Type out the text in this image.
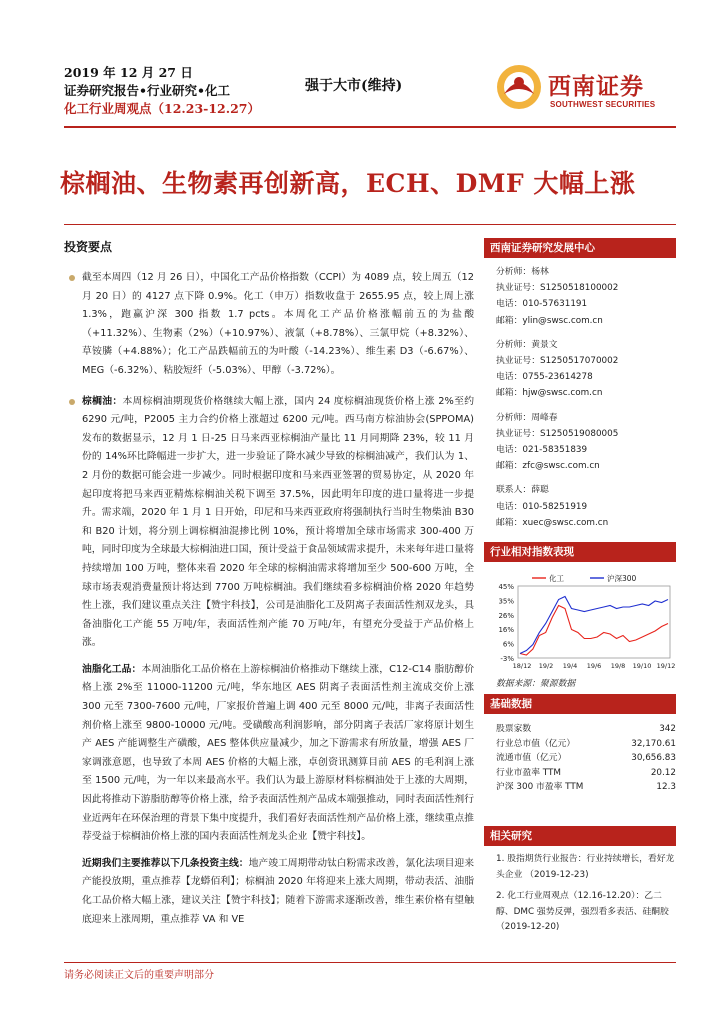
2019 年 12 月 27 日
证券研究报告•行业研究•化工
化工行业周观点（12.23-12.27）
强于大市(维持)	西南证券
SOUTHWEST SECURITIES
棕榈油、生物素再创新高，ECH、DMF 大幅上涨
投资要点
截至本周四（12 月 26 日），中国化工产品价格指数（CCPI）为 4089 点，较上周五（12 月 20 日）的 4127 点下降 0.9%。化工（申万）指数收盘于 2655.95 点，较上周上涨 1.3%，跑赢沪深 300 指数 1.7 pcts。本周化工产品价格涨幅前五的为盐酸（+11.32%）、生物素（2%）（+10.97%）、液氯（+8.78%）、三氯甲烷（+8.32%）、草铵膦（+4.88%）；化工产品跌幅前五的为叶酸（-14.23%）、维生素 D3（-6.67%）、MEG（-6.32%）、粘胶短纤（-5.03%）、甲醇（-3.72%）。
棕榈油：本周棕榈油期现货价格继续大幅上涨，国内 24 度棕榈油现货价格上涨 2%至约 6290 元/吨，P2005 主力合约价格上涨超过 6200 元/吨。西马南方棕油协会(SPPOMA)发布的数据显示，12 月 1 日-25 日马来西亚棕榈油产量比 11 月同期降 23%，较 11 月份的 14%环比降幅进一步扩大，进一步验证了降水减少导致的棕榈油减产，我们认为 1、2 月份的数据可能会进一步减少。同时根据印度和马来西亚签署的贸易协定，从 2020 年起印度将把马来西亚精炼棕榈油关税下调至 37.5%，因此明年印度的进口量将进一步提升。需求端，2020 年 1 月 1 日开始，印尼和马来西亚政府将强制执行当时生物柴油 B30 和 B20 计划，将分别上调棕榈油混掺比例 10%，预计将增加全球市场需求 300-400 万吨，同时印度为全球最大棕榈油进口国，预计受益于食品领域需求提升，未来每年进口量将持续增加 100 万吨，整体来看 2020 年全球的棕榈油需求将增加至少 500-600 万吨，全球市场表观消费量预计将达到 7700 万吨棕榈油。我们继续看多棕榈油价格 2020 年趋势性上涨，我们建议重点关注【赞宇科技】，公司是油脂化工及阴离子表面活性剂双龙头，具备油脂化工产能 55 万吨/年，表面活性剂产能 70 万吨/年，有望充分受益于产品价格上涨。
油脂化工品：本周油脂化工品价格在上游棕榈油价格推动下继续上涨，C12-C14 脂肪醇价格上涨 2%至 11000-11200 元/吨，华东地区 AES 阴离子表面活性剂主流成交价上涨 300 元至 7300-7600 元/吨，厂家报价普遍上调 400 元至 8000 元/吨，非离子表面活性剂价格上涨至 9800-10000 元/吨。受磺酸高利润影响，部分阴离子表活厂家将原计划生产 AES 产能调整生产磺酸，AES 整体供应量减少，加之下游需求有所放量，增强 AES 厂家调涨意愿，也导致了本周 AES 价格的大幅上涨，卓创资讯测算目前 AES 的毛利润上涨至 1500 元/吨，为一年以来最高水平。我们认为最上游原材料棕榈油处于上涨的大周期，因此将推动下游脂肪醇等价格上涨，给予表面活性剂产品成本端强推动，同时表面活性剂行业近两年在环保治理的背景下集中度提升，我们看好表面活性剂产品价格上涨，继续重点推荐受益于棕榈油价格上涨的国内表面活性剂龙头企业【赞宇科技】。
近期我们主要推荐以下几条投资主线：地产竣工周期带动钛白粉需求改善，氯化法项目迎来产能投放期，重点推荐【龙蟒佰利】；棕榈油 2020 年将迎来上涨大周期，带动表活、油脂化工品价格大幅上涨，建议关注【赞宇科技】；随着下游需求逐渐改善，维生素价格有望触底迎来上涨周期，重点推荐 VA 和 VE
西南证券研究发展中心
分析师：杨林
执业证号：S1250518100002
电话：010-57631191
邮箱：ylin@swsc.com.cn
分析师：黄景文
执业证号：S1250517070002
电话：0755-23614278
邮箱：hjw@swsc.com.cn
分析师：周峰春
执业证号：S1250519080005
电话：021-58351839
邮箱：zfc@swsc.com.cn
联系人：薛聪
电话：010-58251919
邮箱：xuec@swsc.com.cn
行业相对指数表现
45%
35%
26%
16%
6%
-3%
18/12 19/2 19/4 19/6 19/8 19/10 19/12
化工	沪深300
数据来源：聚源数据
基础数据
股票家数	342
行业总市值（亿元）	32,170.61
流通市值（亿元）	30,656.83
行业市盈率 TTM	20.12
沪深 300 市盈率 TTM	12.3
相关研究
1. 股指期货行业报告：行业持续增长，看好龙头企业 （2019-12-23)
2. 化工行业周观点（12.16-12.20）：乙二醇、DMC 强势反弹，强烈看多表活、硅酮胶 （2019-12-20)
请务必阅读正文后的重要声明部分
